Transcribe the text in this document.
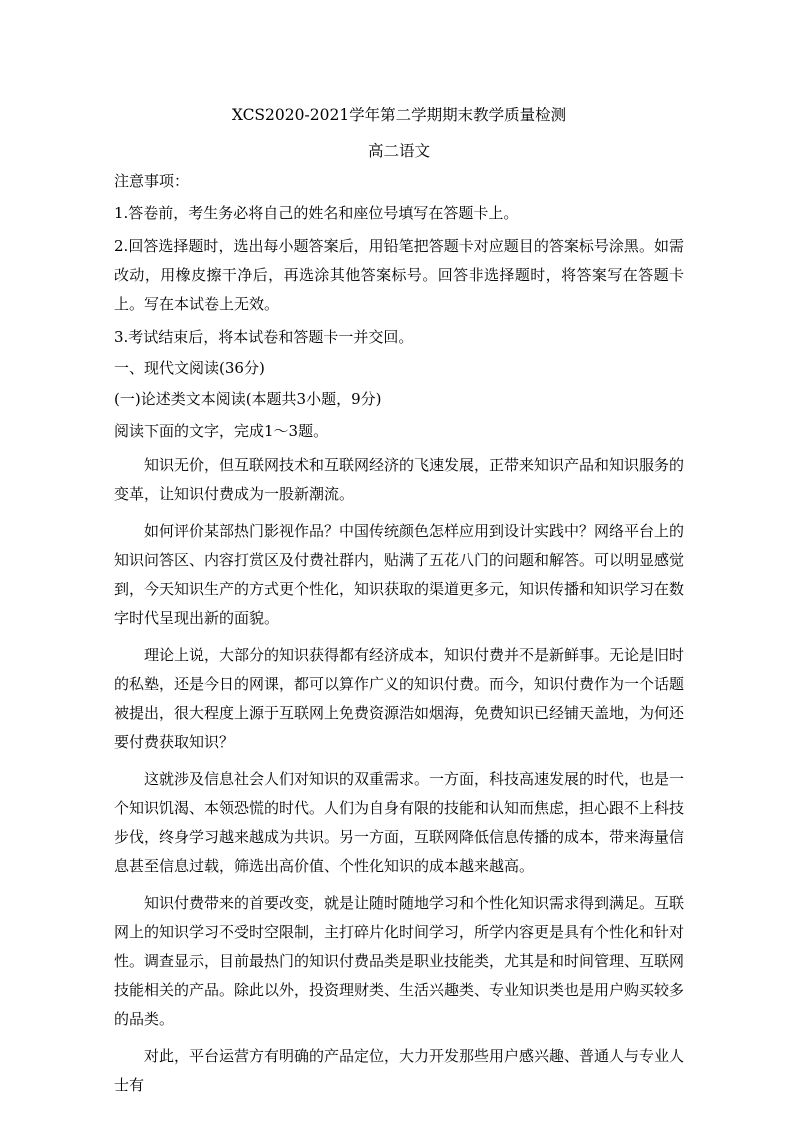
XCS2020-2021学年第二学期期末教学质量检测

高二语文

注意事项：

1.答卷前，考生务必将自己的姓名和座位号填写在答题卡上。

2.回答选择题时，选出每小题答案后，用铅笔把答题卡对应题目的答案标号涂黑。如需改动，用橡皮擦干净后，再选涂其他答案标号。回答非选择题时，将答案写在答题卡上。写在本试卷上无效。

3.考试结束后，将本试卷和答题卡一并交回。

一、现代文阅读(36分)

(一)论述类文本阅读(本题共3小题，9分)

阅读下面的文字，完成1～3题。

知识无价，但互联网技术和互联网经济的飞速发展，正带来知识产品和知识服务的变革，让知识付费成为一股新潮流。

如何评价某部热门影视作品？中国传统颜色怎样应用到设计实践中？网络平台上的知识问答区、内容打赏区及付费社群内，贴满了五花八门的问题和解答。可以明显感觉到，今天知识生产的方式更个性化，知识获取的渠道更多元，知识传播和知识学习在数字时代呈现出新的面貌。

理论上说，大部分的知识获得都有经济成本，知识付费并不是新鲜事。无论是旧时的私塾，还是今日的网课，都可以算作广义的知识付费。而今，知识付费作为一个话题被提出，很大程度上源于互联网上免费资源浩如烟海，免费知识已经铺天盖地，为何还要付费获取知识？

这就涉及信息社会人们对知识的双重需求。一方面，科技高速发展的时代，也是一个知识饥渴、本领恐慌的时代。人们为自身有限的技能和认知而焦虑，担心跟不上科技步伐，终身学习越来越成为共识。另一方面，互联网降低信息传播的成本，带来海量信息甚至信息过载，筛选出高价值、个性化知识的成本越来越高。

知识付费带来的首要改变，就是让随时随地学习和个性化知识需求得到满足。互联网上的知识学习不受时空限制，主打碎片化时间学习，所学内容更是具有个性化和针对性。调查显示，目前最热门的知识付费品类是职业技能类，尤其是和时间管理、互联网技能相关的产品。除此以外，投资理财类、生活兴趣类、专业知识类也是用户购买较多的品类。

对此，平台运营方有明确的产品定位，大力开发那些用户感兴趣、普通人与专业人士有
